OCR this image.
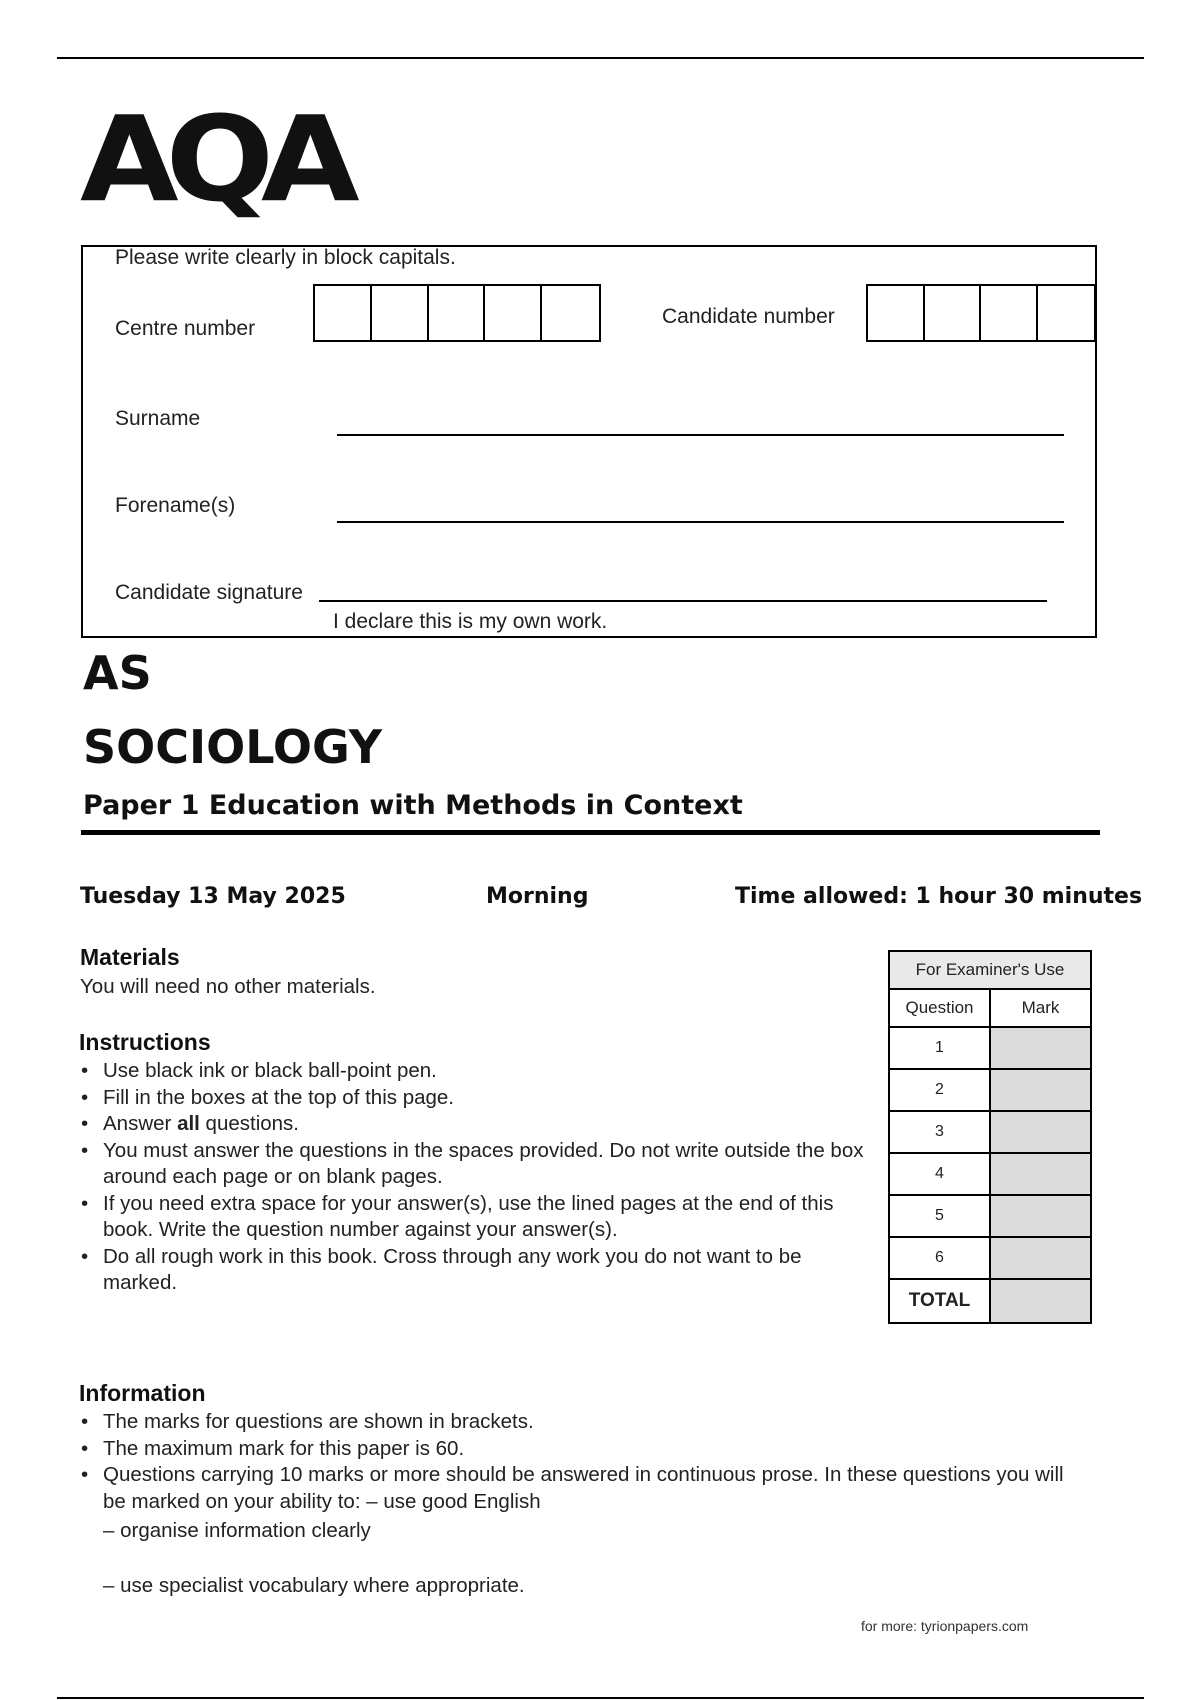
AQA
Please write clearly in block capitals.
Centre number
Candidate number
Surname
Forename(s)
Candidate signature
I declare this is my own work.
AS
SOCIOLOGY
Paper 1 Education with Methods in Context
Tuesday 13 May 2025	Morning	Time allowed: 1 hour 30 minutes
Materials
You will need no other materials.
Instructions
• Use black ink or black ball-point pen.
• Fill in the boxes at the top of this page.
• Answer all questions.
• You must answer the questions in the spaces provided. Do not write outside the box around each page or on blank pages.
• If you need extra space for your answer(s), use the lined pages at the end of this book. Write the question number against your answer(s).
• Do all rough work in this book. Cross through any work you do not want to be marked.
For Examiner's Use	
Question	Mark
1	
2	
3	
4	
5	
6	
TOTAL	
Information
• The marks for questions are shown in brackets.
• The maximum mark for this paper is 60.
• Questions carrying 10 marks or more should be answered in continuous prose. In these questions you will be marked on your ability to: – use good English
– organise information clearly
– use specialist vocabulary where appropriate.
for more: tyrionpapers.com
